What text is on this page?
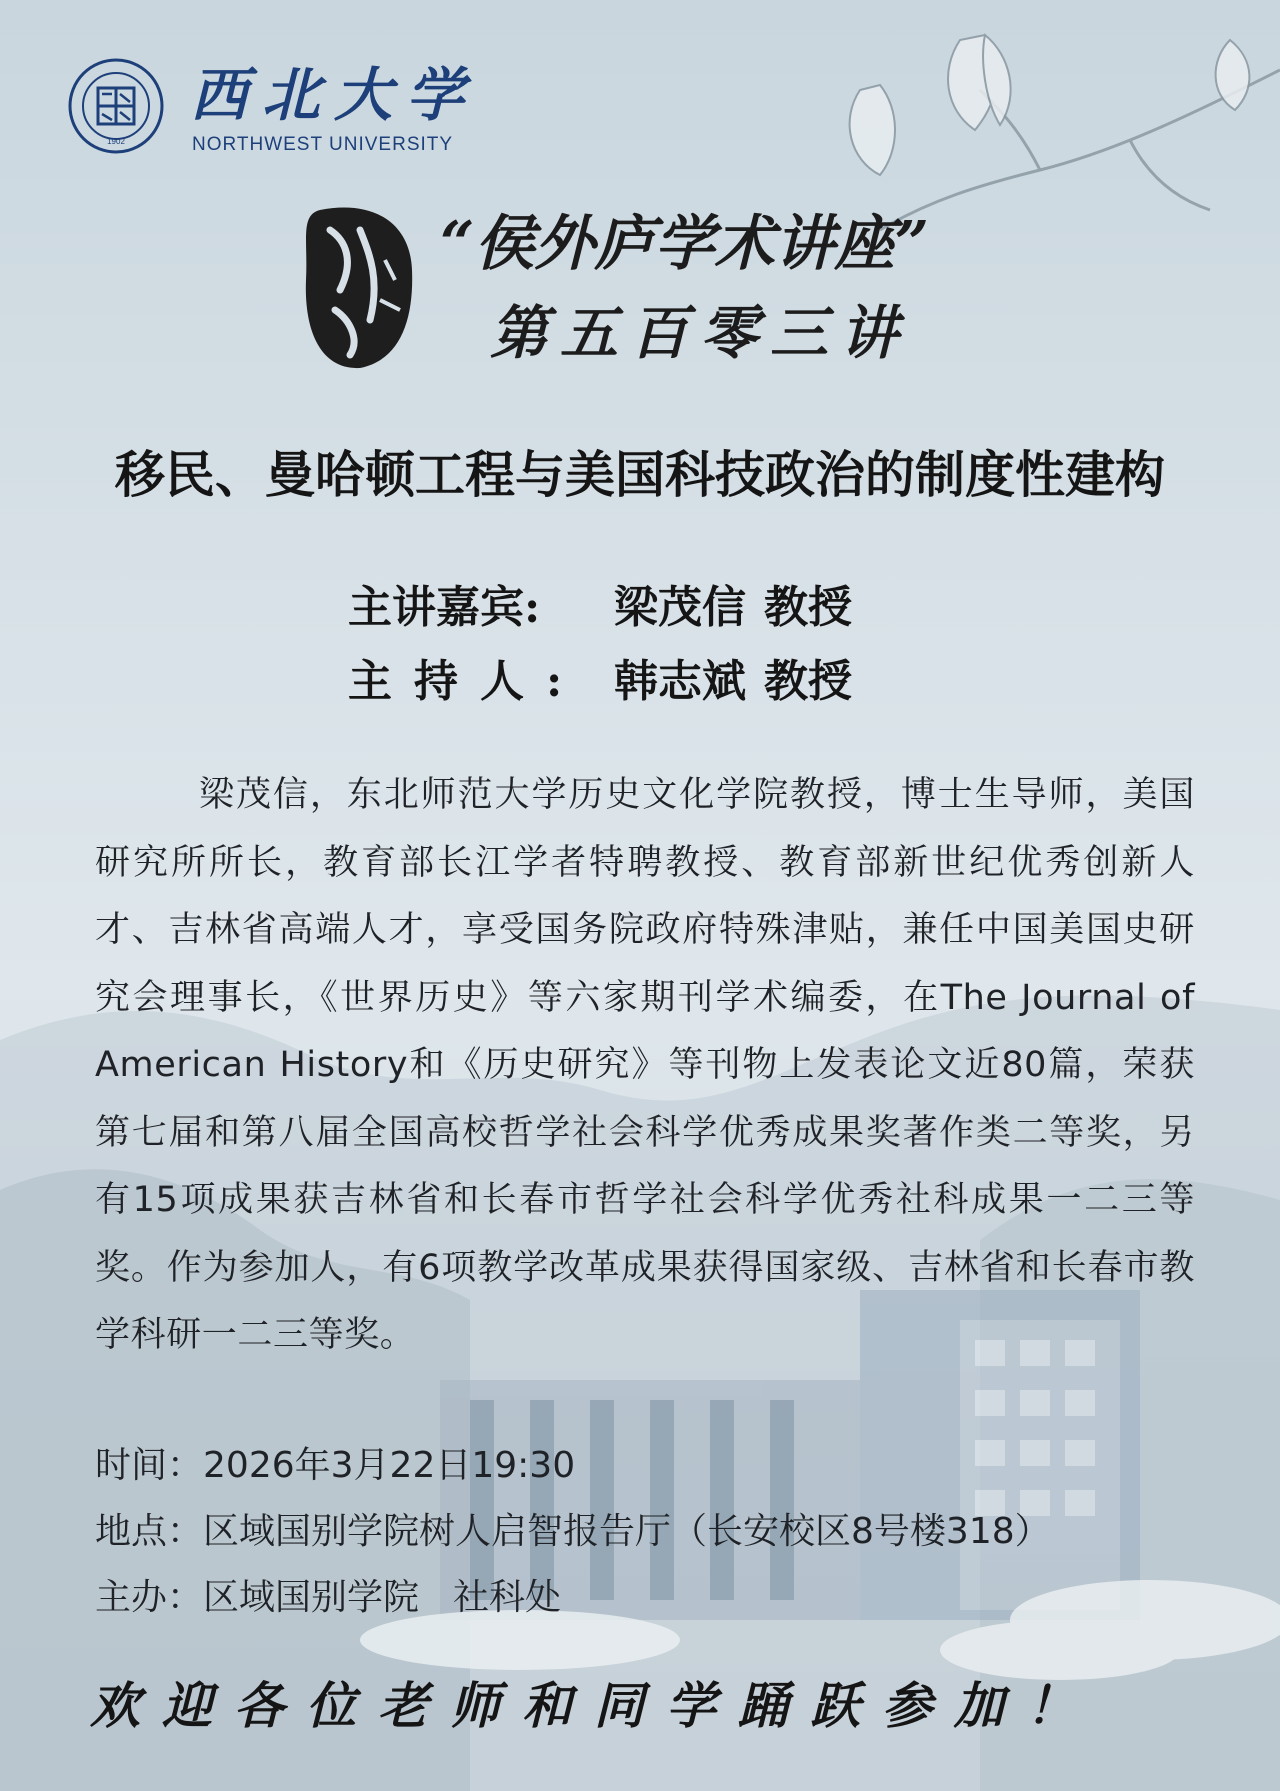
1902
西北大学
NORTHWEST UNIVERSITY
“侯外庐学术讲座”
第五百零三讲
移民、曼哈顿工程与美国科技政治的制度性建构
主讲嘉宾: 梁茂信 教授
主持人: 韩志斌 教授
梁茂信，东北师范大学历史文化学院教授，博士生导师，美国研究所所长，教育部长江学者特聘教授、教育部新世纪优秀创新人才、吉林省高端人才，享受国务院政府特殊津贴，兼任中国美国史研究会理事长，《世界历史》等六家期刊学术编委，在The Journal of American History和《历史研究》等刊物上发表论文近80篇，荣获第七届和第八届全国高校哲学社会科学优秀成果奖著作类二等奖，另有15项成果获吉林省和长春市哲学社会科学优秀社科成果一二三等奖。作为参加人，有6项教学改革成果获得国家级、吉林省和长春市教学科研一二三等奖。
时间：2026年3月22日19:30
地点：区域国别学院树人启智报告厅（长安校区8号楼318）
主办：区域国别学院 社科处
欢迎各位老师和同学踊跃参加！
